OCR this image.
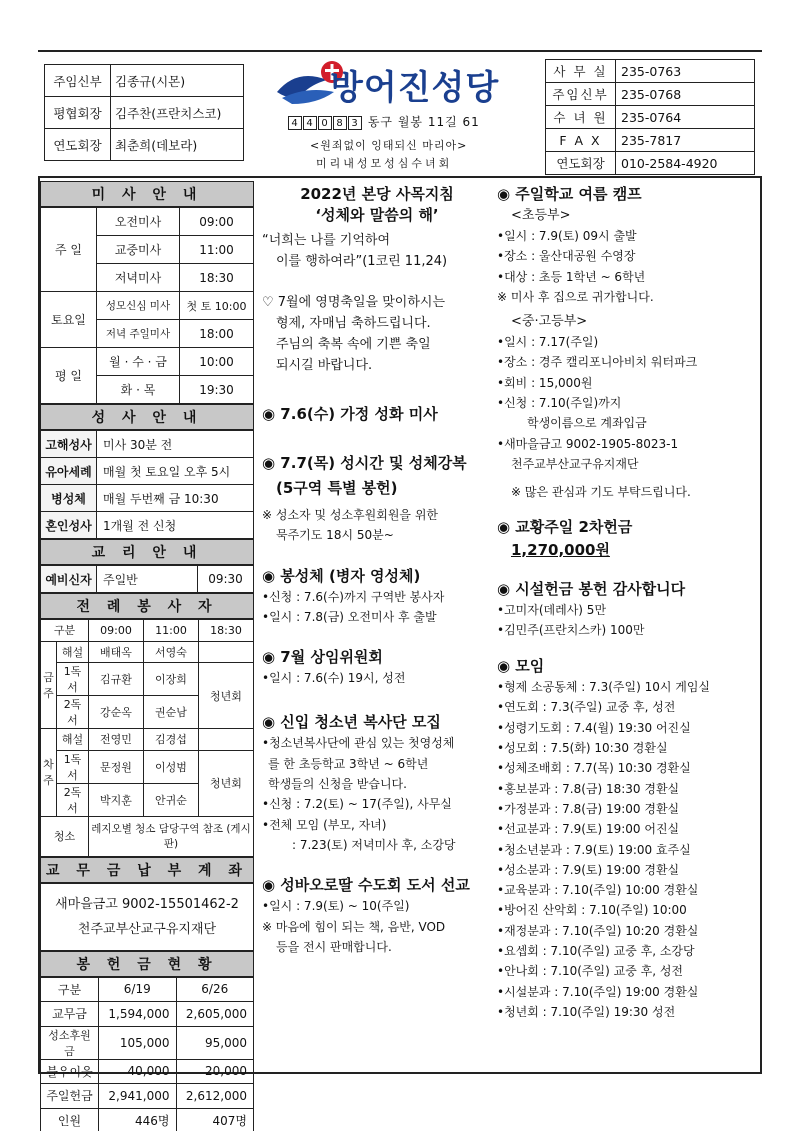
주임신부	김종규(시몬)
평협회장	김주찬(프란치스코)
연도회장	최춘희(데보라)
방어진성당
4 4 0 8 3 동구 월봉 11길 61
<원죄없이 잉태되신 마리아>
미리내성모성심수녀회
사 무 실	235-0763
주임신부	235-0768
수 녀 원	235-0764
F A X	235-7817
연도회장	010-2584-4920
미 사 안 내
주 일	오전미사	09:00
	교중미사	11:00
	저녁미사	18:30
토요일	성모신심 미사	첫 토 10:00
	저녁 주일미사	18:00
평 일	월 · 수 · 금	10:00
	화 · 목	19:30
성 사 안 내
고해성사	미사 30분 전
유아세례	매월 첫 토요일 오후 5시
병성체	매월 두번째 금 10:30
혼인성사	1개월 전 신청
교 리 안 내
예비신자	주일반	09:30
전 례 봉 사 자
구분		09:00	11:00	18:30
금 주	해설	배태옥	서영숙	
	1독서	김규환	이장희	청년회
	2독서	강순옥	권순남	
차 주	해설	전영민	김경섭	
	1독서	문정원	이성범	청년회
	2독서	박지훈	안귀순	
청소		레지오별 청소 담당구역 참조 (게시판)		
교 무 금 납 부 계 좌
새마을금고 9002-15501462-2
천주교부산교구유지재단
봉 헌 금 현 황
구분	6/19	6/26
교무금	1,594,000	2,605,000
성소후원금	105,000	95,000
불우이웃	40,000	20,000
주일헌금	2,941,000	2,612,000
인원	446명	407명
2022년 본당 사목지침
‘성체와 말씀의 해’
“너희는 나를 기억하여
이를 행하여라”(1코린 11,24)
♡ 7월에 영명축일을 맞이하시는
형제, 자매님 축하드립니다.
주님의 축복 속에 기쁜 축일
되시길 바랍니다.
◉ 7.6(수) 가정 성화 미사
◉ 7.7(목) 성시간 및 성체강복
(5구역 특별 봉헌)
※ 성소자 및 성소후원회원을 위한
묵주기도 18시 50분~
◉ 봉성체 (병자 영성체)
•신청 : 7.6(수)까지 구역반 봉사자
•일시 : 7.8(금) 오전미사 후 출발
◉ 7월 상임위원회
•일시 : 7.6(수) 19시, 성전
◉ 신입 청소년 복사단 모집
•청소년복사단에 관심 있는 첫영성체
를 한 초등학교 3학년 ~ 6학년
학생들의 신청을 받습니다.
•신청 : 7.2(토) ~ 17(주일), 사무실
•전체 모임 (부모, 자녀)
: 7.23(토) 저녁미사 후, 소강당
◉ 성바오로딸 수도회 도서 선교
•일시 : 7.9(토) ~ 10(주일)
※ 마음에 힘이 되는 책, 음반, VOD
등을 전시 판매합니다.
◉ 주일학교 여름 캠프
<초등부>
•일시 : 7.9(토) 09시 출발
•장소 : 울산대공원 수영장
•대상 : 초등 1학년 ~ 6학년
※ 미사 후 집으로 귀가합니다.
<중·고등부>
•일시 : 7.17(주일)
•장소 : 경주 캘리포니아비치 워터파크
•회비 : 15,000원
•신청 : 7.10(주일)까지
학생이름으로 계좌입금
•새마을금고 9002-1905-8023-1
천주교부산교구유지재단
※ 많은 관심과 기도 부탁드립니다.
◉ 교황주일 2차헌금
1,270,000원
◉ 시설헌금 봉헌 감사합니다
•고미자(데레사) 5만
•김민주(프란치스카) 100만
◉ 모임
•형제 소공동체 : 7.3(주일) 10시 게임실
•연도회 : 7.3(주일) 교중 후, 성전
•성령기도회 : 7.4(월) 19:30 어진실
•성모회 : 7.5(화) 10:30 경환실
•성체조배회 : 7.7(목) 10:30 경환실
•홍보분과 : 7.8(금) 18:30 경환실
•가정분과 : 7.8(금) 19:00 경환실
•선교분과 : 7.9(토) 19:00 어진실
•청소년분과 : 7.9(토) 19:00 효주실
•성소분과 : 7.9(토) 19:00 경환실
•교육분과 : 7.10(주일) 10:00 경환실
•방어진 산악회 : 7.10(주일) 10:00
•재정분과 : 7.10(주일) 10:20 경환실
•요셉회 : 7.10(주일) 교중 후, 소강당
•안나회 : 7.10(주일) 교중 후, 성전
•시설분과 : 7.10(주일) 19:00 경환실
•청년회 : 7.10(주일) 19:30 성전
